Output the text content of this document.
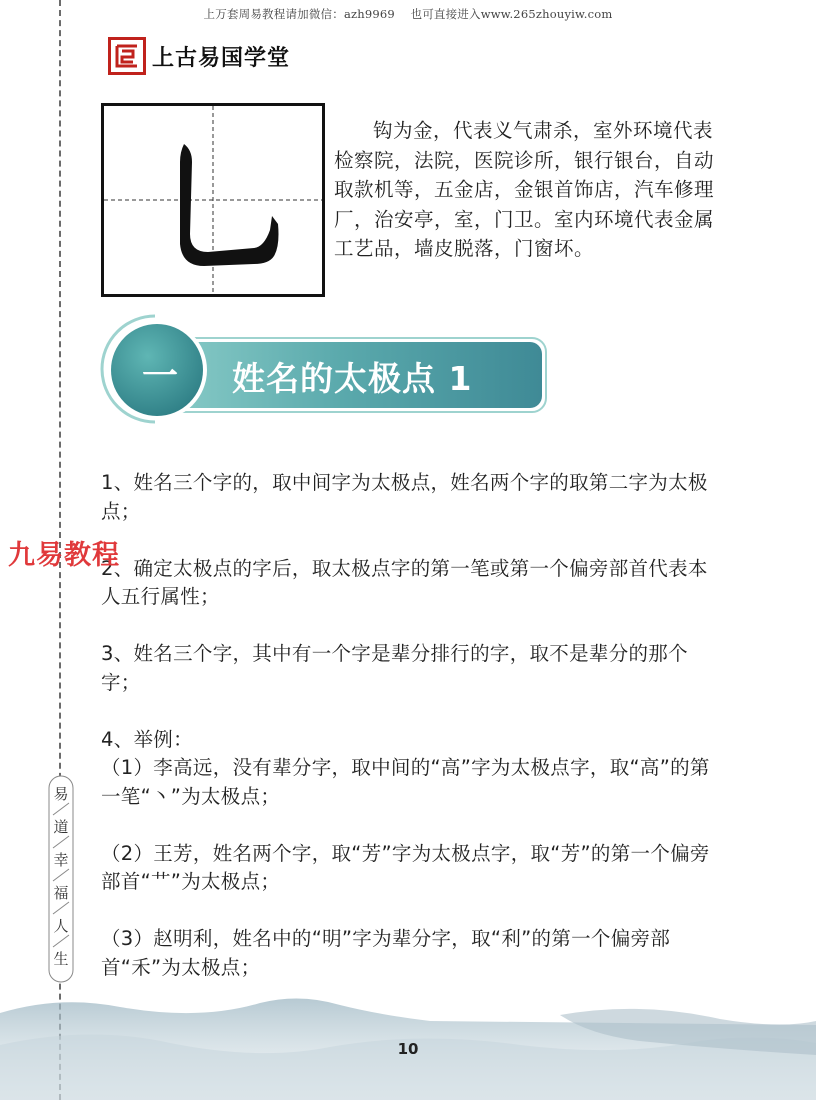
上万套周易教程请加微信：azh9969　 也可直接进入www.265zhouyiw.com
上古易国学堂
钩为金，代表义气肃杀，室外环境代表检察院，法院，医院诊所，银行银台，自动取款机等，五金店，金银首饰店，汽车修理厂，治安亭，室，门卫。室内环境代表金属工艺品，墙皮脱落，门窗坏。
一 姓名的太极点 1

1、姓名三个字的，取中间字为太极点，姓名两个字的取第二字为太极点；

2、确定太极点的字后，取太极点字的第一笔或第一个偏旁部首代表本人五行属性；

3、姓名三个字，其中有一个字是辈分排行的字，取不是辈分的那个字；

4、举例：

（1）李高远，没有辈分字，取中间的“高”字为太极点字，取“高”的第一笔“丶”为太极点；

（2）王芳，姓名两个字，取“芳”字为太极点字，取“芳”的第一个偏旁部首“艹”为太极点；

（3）赵明利，姓名中的“明”字为辈分字，取“利”的第一个偏旁部首“禾”为太极点；

九易教程
易
道
幸
福
人
生
10
